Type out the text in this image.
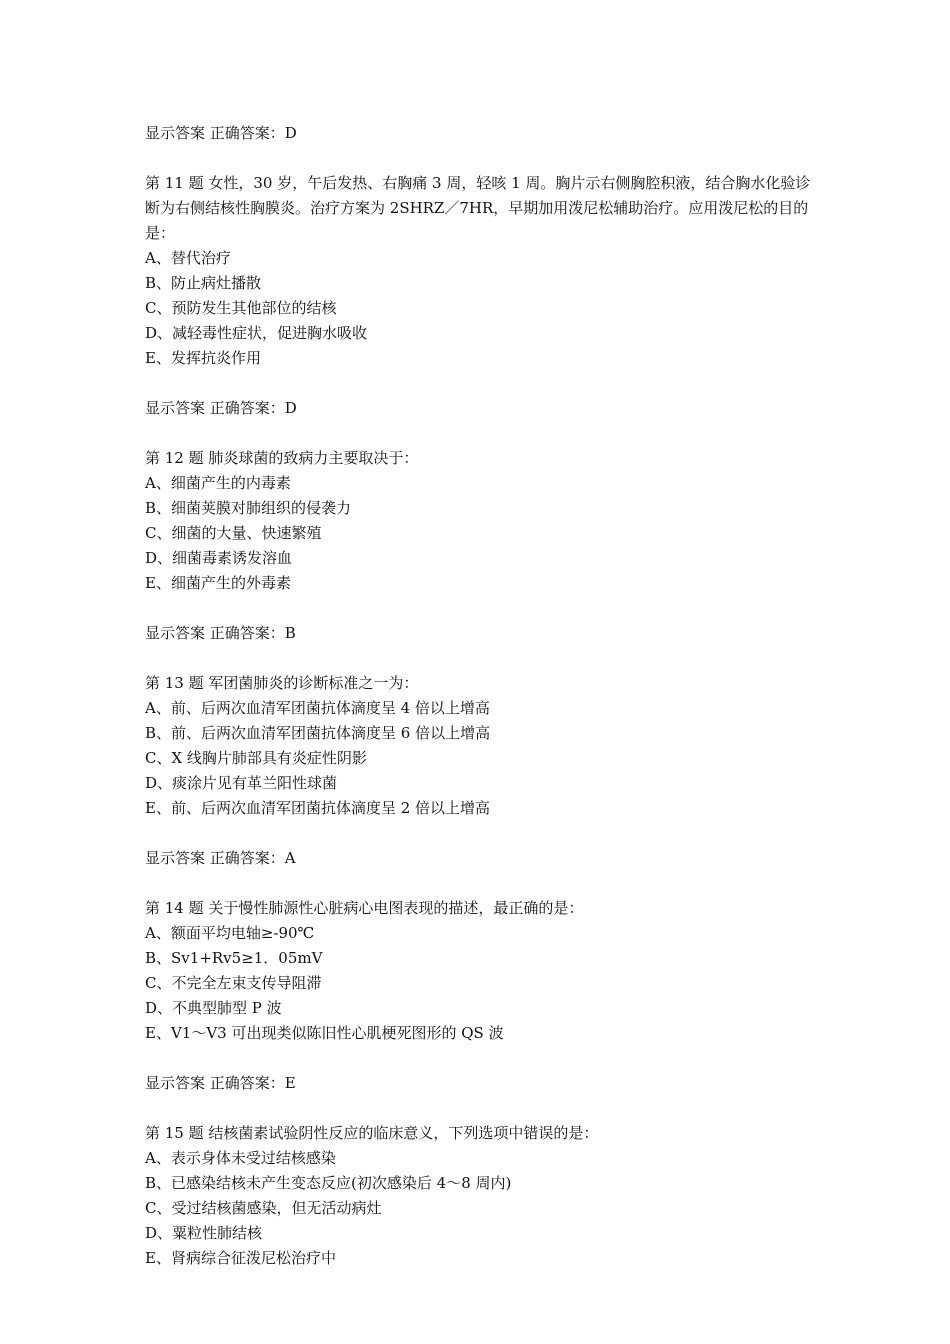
显示答案 正确答案：D
第 11 题 女性，30 岁，午后发热、右胸痛 3 周，轻咳 1 周。胸片示右侧胸腔积液，结合胸水化验诊断为右侧结核性胸膜炎。治疗方案为 2SHRZ／7HR，早期加用泼尼松辅助治疗。应用泼尼松的目的是：
A、替代治疗
B、防止病灶播散
C、预防发生其他部位的结核
D、减轻毒性症状，促进胸水吸收
E、发挥抗炎作用
显示答案 正确答案：D
第 12 题 肺炎球菌的致病力主要取决于：
A、细菌产生的内毒素
B、细菌荚膜对肺组织的侵袭力
C、细菌的大量、快速繁殖
D、细菌毒素诱发溶血
E、细菌产生的外毒素
显示答案 正确答案：B
第 13 题 军团菌肺炎的诊断标准之一为：
A、前、后两次血清军团菌抗体滴度呈 4 倍以上增高
B、前、后两次血清军团菌抗体滴度呈 6 倍以上增高
C、X 线胸片肺部具有炎症性阴影
D、痰涂片见有革兰阳性球菌
E、前、后两次血清军团菌抗体滴度呈 2 倍以上增高
显示答案 正确答案：A
第 14 题 关于慢性肺源性心脏病心电图表现的描述，最正确的是：
A、额面平均电轴≥-90℃
B、Sv1+Rv5≥1．05mV
C、不完全左束支传导阻滞
D、不典型肺型 P 波
E、V1～V3 可出现类似陈旧性心肌梗死图形的 QS 波
显示答案 正确答案：E
第 15 题 结核菌素试验阴性反应的临床意义，下列选项中错误的是：
A、表示身体未受过结核感染
B、已感染结核未产生变态反应(初次感染后 4～8 周内)
C、受过结核菌感染，但无活动病灶
D、粟粒性肺结核
E、肾病综合征泼尼松治疗中
